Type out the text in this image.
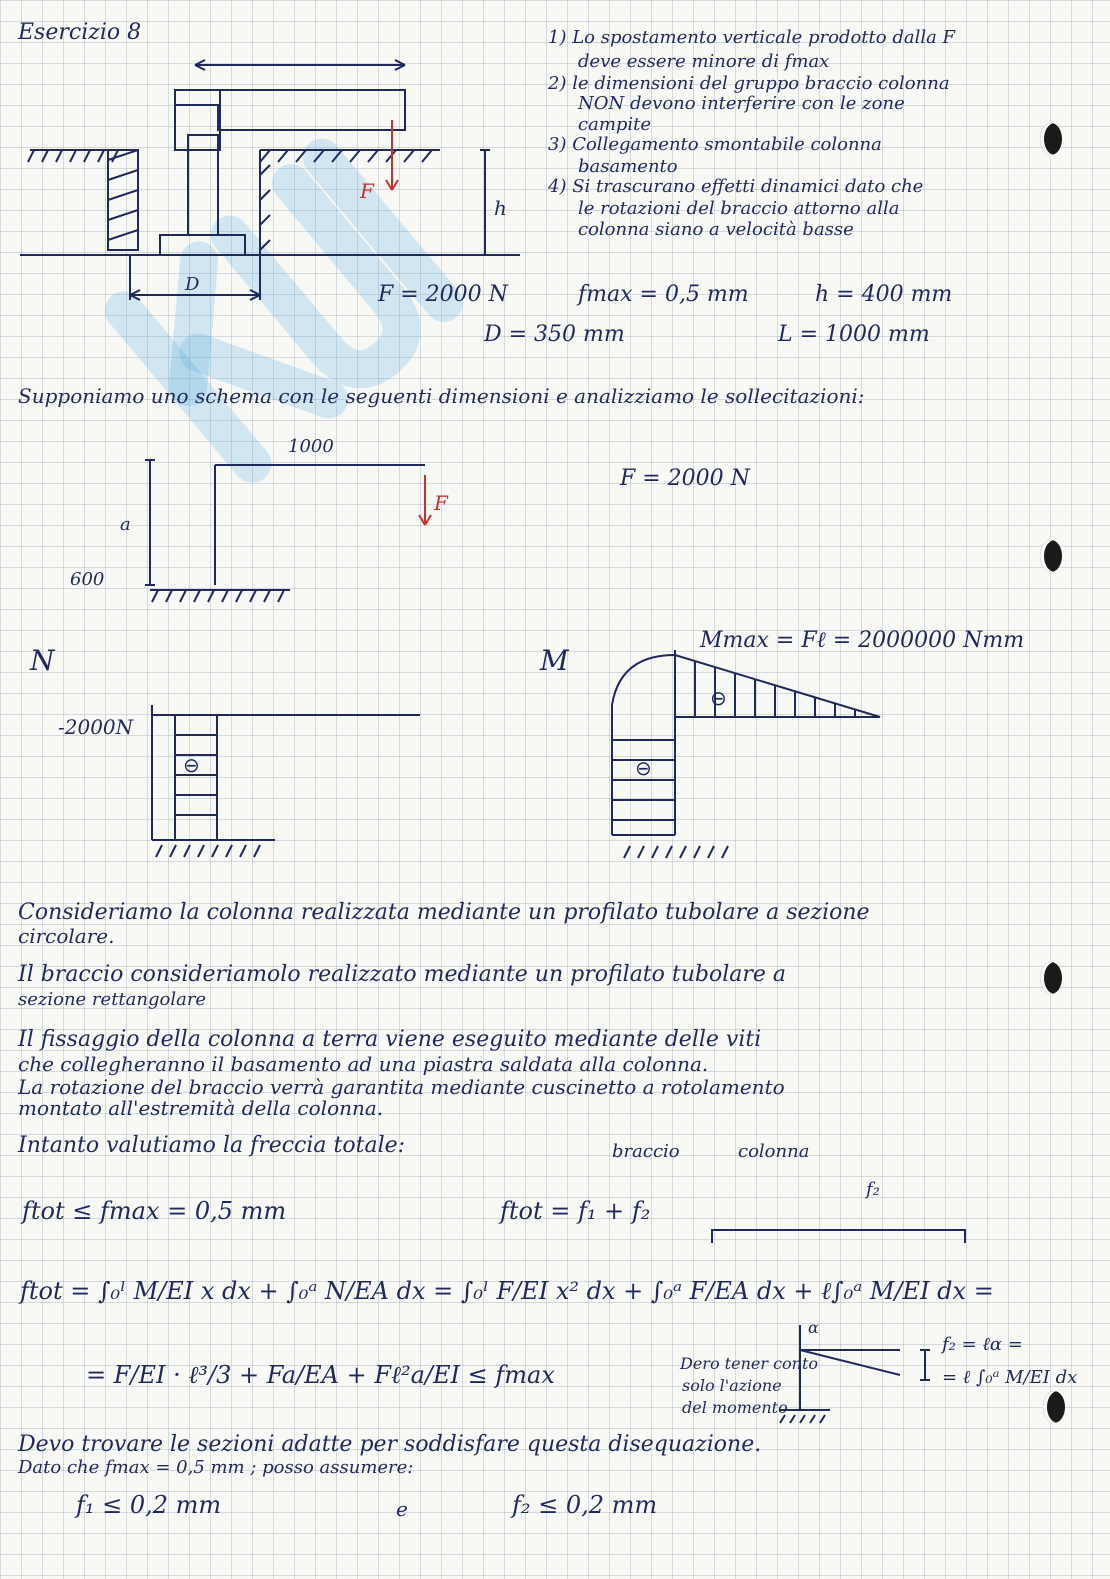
Esercizio 8	1) Lo spostamento verticale prodotto dalla F
deve essere minore di fmax
2) le dimensioni del gruppo braccio colonna
NON devono interferire con le zone
campite
3) Collegamento smontabile colonna
basamento
4) Si trascurano effetti dinamici dato che
le rotazioni del braccio attorno alla
colonna siano a velocità basse
F
h
D	F = 2000 N	fmax = 0,5 mm	h = 400 mm
D = 350 mm	L = 1000 mm
Supponiamo uno schema con le seguenti dimensioni e analizziamo le sollecitazioni:
1000
600
a
F
F = 2000 N
N
-2000N
⊖
M
Mmax = Fℓ = 2000000 Nmm
⊖
⊖
Consideriamo la colonna realizzata mediante un profilato tubolare a sezione
circolare.
Il braccio consideriamolo realizzato mediante un profilato tubolare a
sezione rettangolare
Il fissaggio della colonna a terra viene eseguito mediante delle viti
che collegheranno il basamento ad una piastra saldata alla colonna.
La rotazione del braccio verrà garantita mediante cuscinetto a rotolamento
montato all'estremità della colonna.
Intanto valutiamo la freccia totale:	braccio	colonna
f₂
ftot ≤ fmax = 0,5 mm	ftot = f₁ + f₂
ftot = ∫₀ˡ M/EI x dx + ∫₀ᵃ N/EA dx = ∫₀ˡ F/EI x² dx + ∫₀ᵃ F/EA dx + ℓ∫₀ᵃ M/EI dx =
= F/EI · ℓ³/3 + Fa/EA + Fℓ²a/EI ≤ fmax
α
Dero tener conto
solo l'azione
del momento
f₂ = ℓα =
= ℓ ∫₀ᵃ M/EI dx
Devo trovare le sezioni adatte per soddisfare questa disequazione.
Dato che fmax = 0,5 mm ; posso assumere:
f₁ ≤ 0,2 mm	e	f₂ ≤ 0,2 mm
